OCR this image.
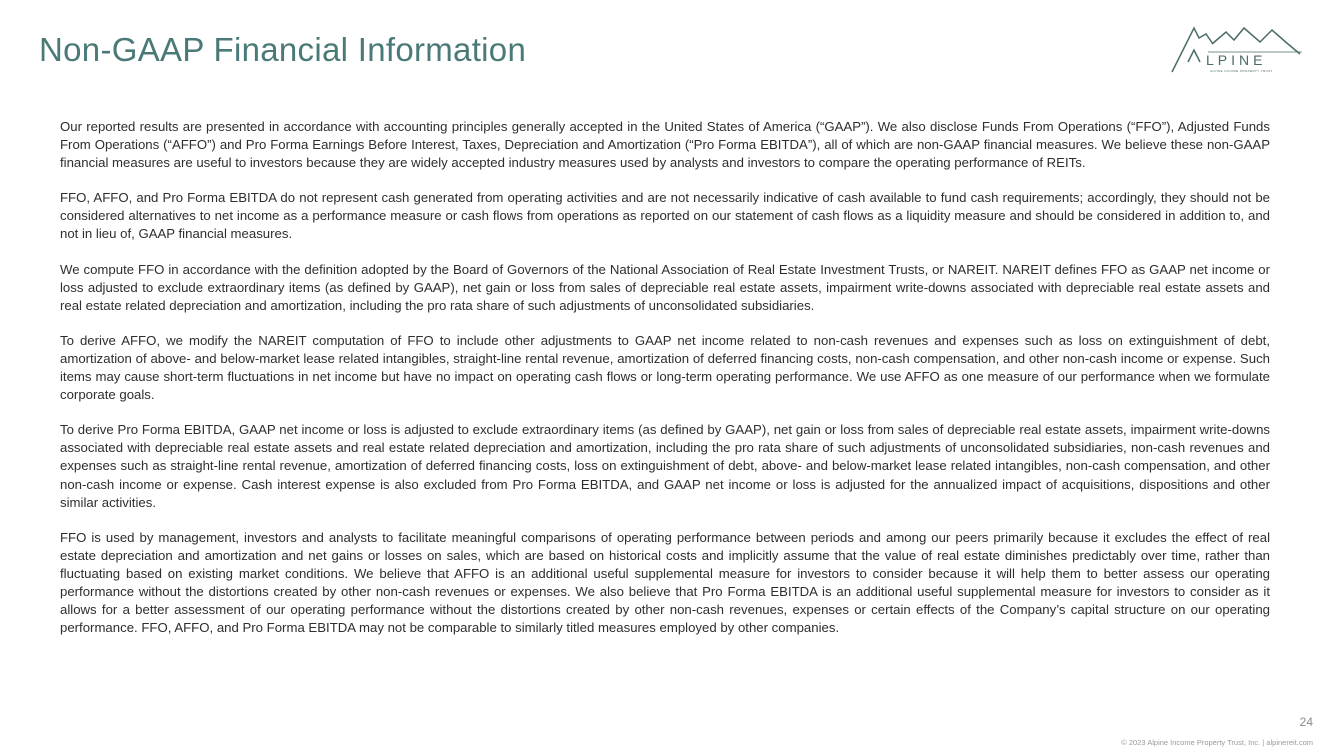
Non-GAAP Financial Information
A
LPINE
ALPINE INCOME PROPERTY TRUST

Our reported results are presented in accordance with accounting principles generally accepted in the United States of America (“GAAP”). We also disclose Funds From Operations (“FFO”), Adjusted Funds From Operations (“AFFO”) and Pro Forma Earnings Before Interest, Taxes, Depreciation and Amortization (“Pro Forma EBITDA”), all of which are non-GAAP financial measures. We believe these non-GAAP financial measures are useful to investors because they are widely accepted industry measures used by analysts and investors to compare the operating performance of REITs.

FFO, AFFO, and Pro Forma EBITDA do not represent cash generated from operating activities and are not necessarily indicative of cash available to fund cash requirements; accordingly, they should not be considered alternatives to net income as a performance measure or cash flows from operations as reported on our statement of cash flows as a liquidity measure and should be considered in addition to, and not in lieu of, GAAP financial measures.

We compute FFO in accordance with the definition adopted by the Board of Governors of the National Association of Real Estate Investment Trusts, or NAREIT. NAREIT defines FFO as GAAP net income or loss adjusted to exclude extraordinary items (as defined by GAAP), net gain or loss from sales of depreciable real estate assets, impairment write-downs associated with depreciable real estate assets and real estate related depreciation and amortization, including the pro rata share of such adjustments of unconsolidated subsidiaries.

To derive AFFO, we modify the NAREIT computation of FFO to include other adjustments to GAAP net income related to non-cash revenues and expenses such as loss on extinguishment of debt, amortization of above- and below-market lease related intangibles, straight-line rental revenue, amortization of deferred financing costs, non-cash compensation, and other non-cash income or expense. Such items may cause short-term fluctuations in net income but have no impact on operating cash flows or long-term operating performance. We use AFFO as one measure of our performance when we formulate corporate goals.

To derive Pro Forma EBITDA, GAAP net income or loss is adjusted to exclude extraordinary items (as defined by GAAP), net gain or loss from sales of depreciable real estate assets, impairment write-downs associated with depreciable real estate assets and real estate related depreciation and amortization, including the pro rata share of such adjustments of unconsolidated subsidiaries, non-cash revenues and expenses such as straight-line rental revenue, amortization of deferred financing costs, loss on extinguishment of debt, above- and below-market lease related intangibles, non-cash compensation, and other non-cash income or expense. Cash interest expense is also excluded from Pro Forma EBITDA, and GAAP net income or loss is adjusted for the annualized impact of acquisitions, dispositions and other similar activities.

FFO is used by management, investors and analysts to facilitate meaningful comparisons of operating performance between periods and among our peers primarily because it excludes the effect of real estate depreciation and amortization and net gains or losses on sales, which are based on historical costs and implicitly assume that the value of real estate diminishes predictably over time, rather than fluctuating based on existing market conditions. We believe that AFFO is an additional useful supplemental measure for investors to consider because it will help them to better assess our operating performance without the distortions created by other non-cash revenues or expenses. We also believe that Pro Forma EBITDA is an additional useful supplemental measure for investors to consider as it allows for a better assessment of our operating performance without the distortions created by other non-cash revenues, expenses or certain effects of the Company’s capital structure on our operating performance. FFO, AFFO, and Pro Forma EBITDA may not be comparable to similarly titled measures employed by other companies.

24
© 2023 Alpine Income Property Trust, Inc. | alpinereit.com
